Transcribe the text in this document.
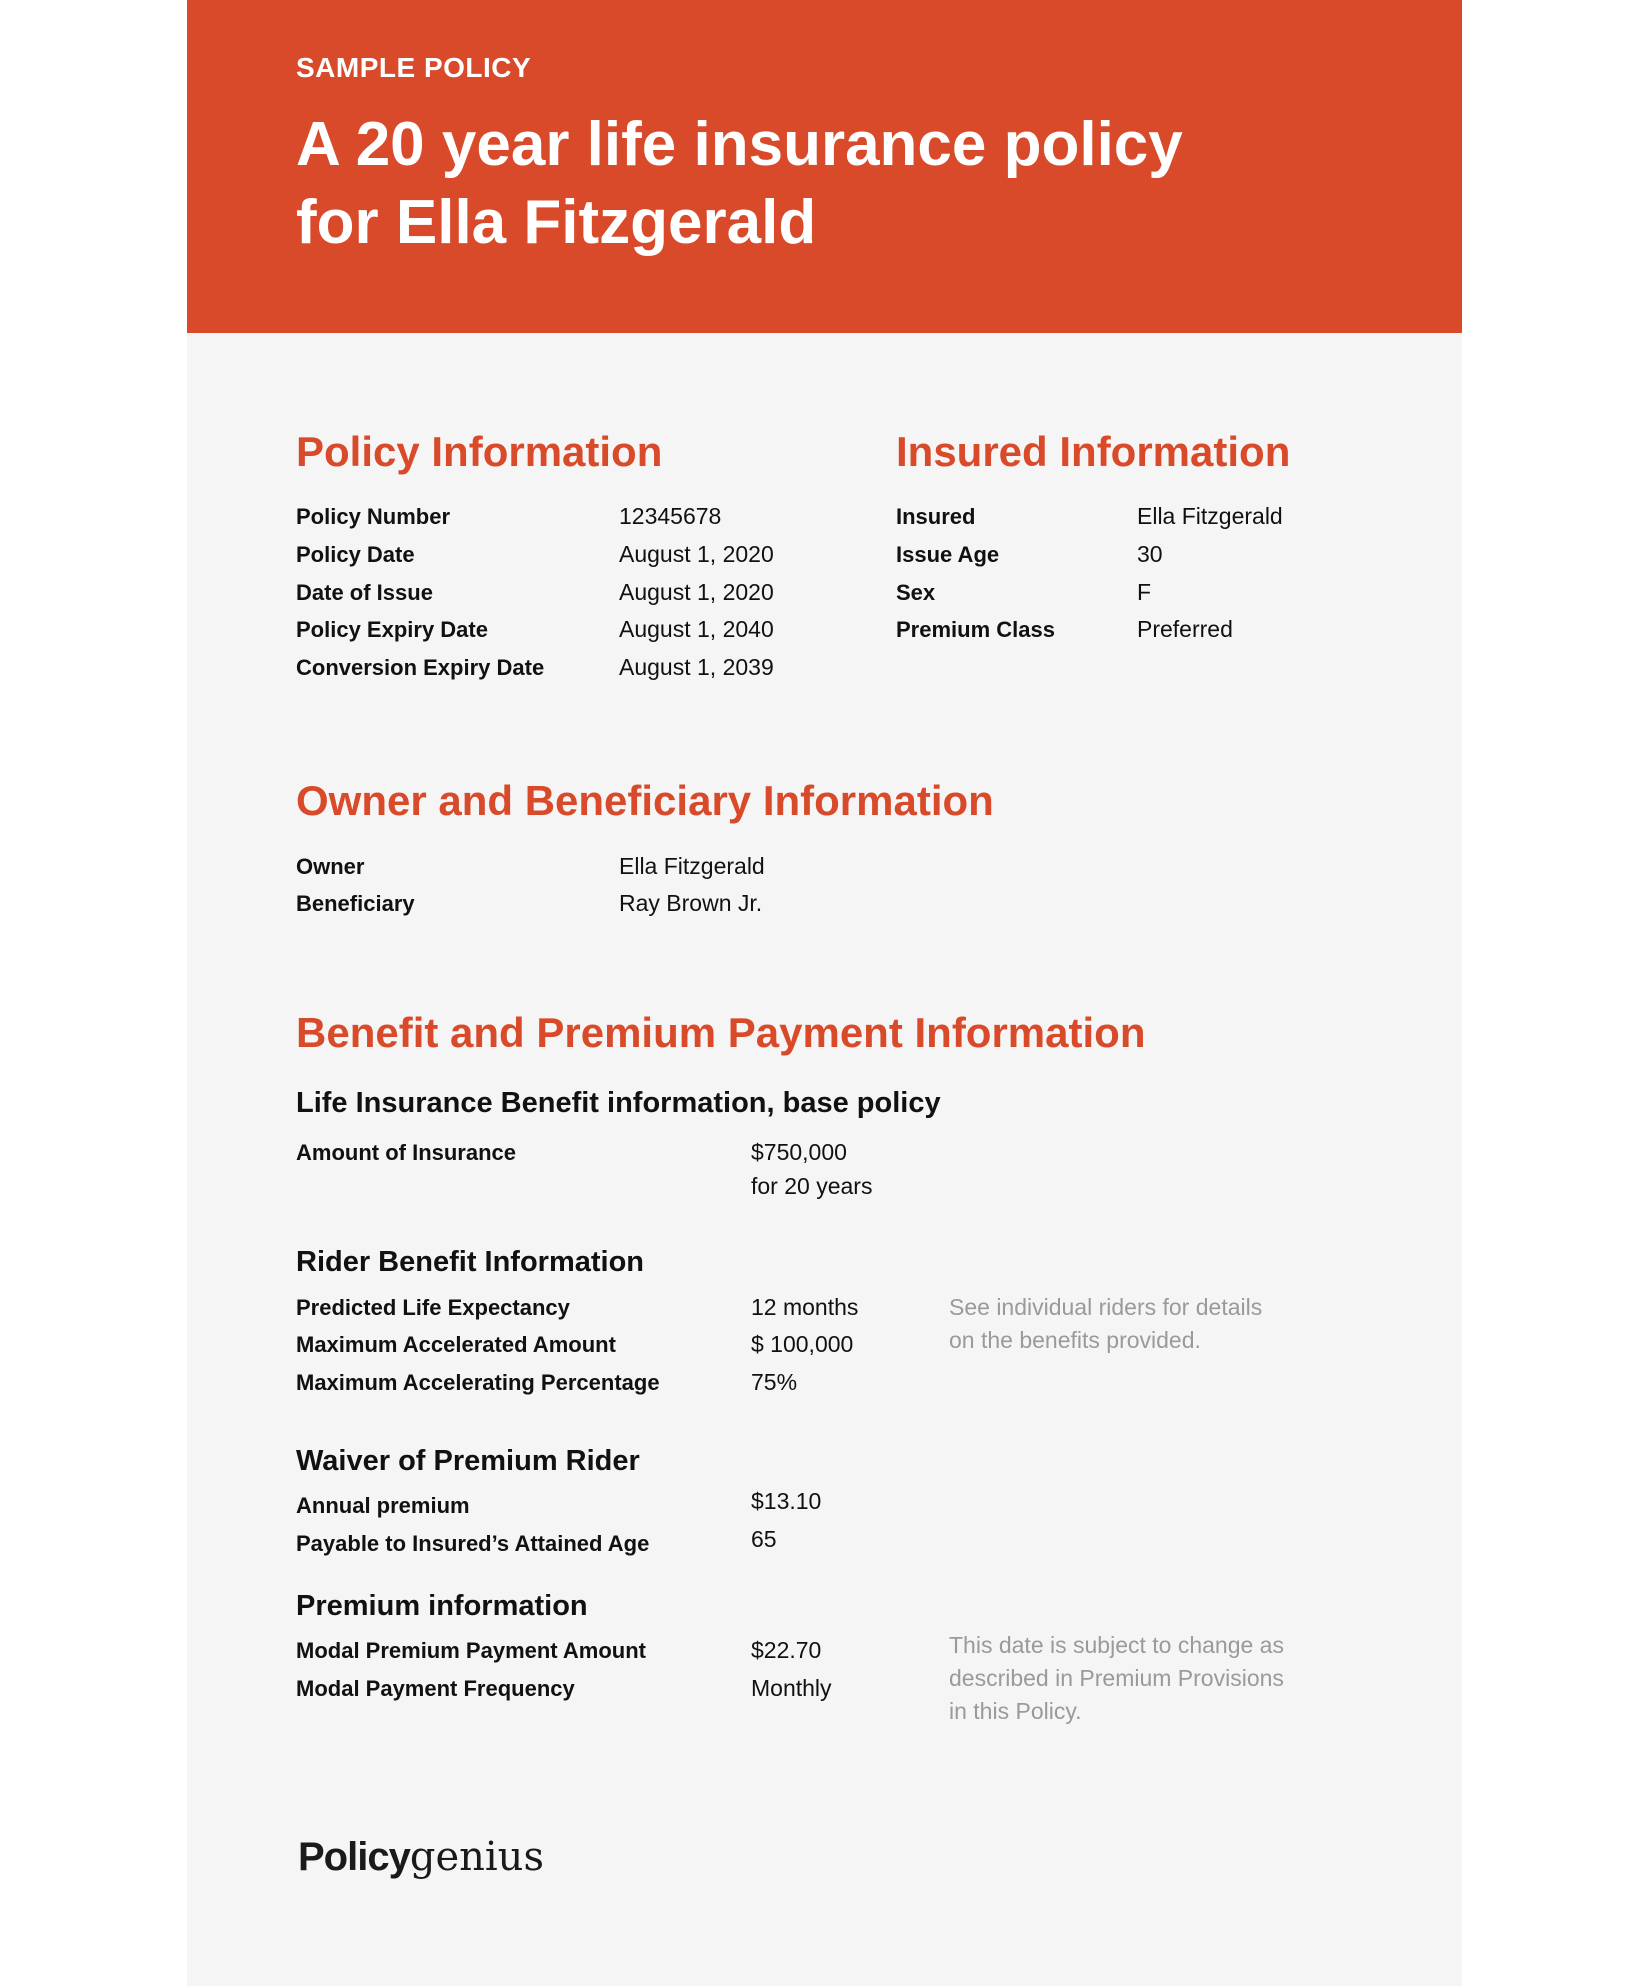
SAMPLE POLICY
A 20 year life insurance policy
for Ella Fitzgerald
Policy Information
Policy Number	12345678
Policy Date	August 1, 2020
Date of Issue	August 1, 2020
Policy Expiry Date	August 1, 2040
Conversion Expiry Date	August 1, 2039
Insured Information
Insured	Ella Fitzgerald
Issue Age	30
Sex	F
Premium Class	Preferred
Owner and Beneficiary Information
Owner	Ella Fitzgerald
Beneficiary	Ray Brown Jr.
Benefit and Premium Payment Information
Life Insurance Benefit information, base policy
Amount of Insurance	$750,000
for 20 years
Rider Benefit Information
Predicted Life Expectancy	12 months
Maximum Accelerated Amount	$ 100,000
Maximum Accelerating Percentage	75%
See individual riders for details
on the benefits provided.
Waiver of Premium Rider
Annual premium	$13.10
Payable to Insured’s Attained Age	65
Premium information
Modal Premium Payment Amount	$22.70
Modal Payment Frequency	Monthly
This date is subject to change as
described in Premium Provisions
in this Policy.
Policygenius
